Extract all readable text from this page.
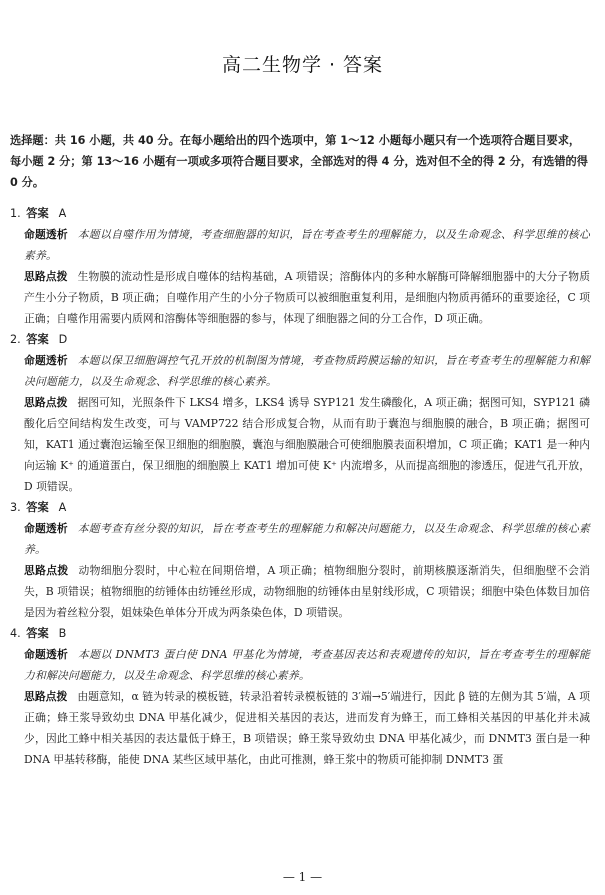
高二生物学 · 答案
选择题：共 16 小题，共 40 分。在每小题给出的四个选项中，第 1～12 小题每小题只有一个选项符合题目要求，每小题 2 分；第 13～16 小题有一项或多项符合题目要求，全部选对的得 4 分，选对但不全的得 2 分，有选错的得 0 分。
1. 答案 A
命题透析 本题以自噬作用为情境，考查细胞器的知识，旨在考查考生的理解能力，以及生命观念、科学思维的核心素养。
思路点拨 生物膜的流动性是形成自噬体的结构基础，A 项错误；溶酶体内的多种水解酶可降解细胞器中的大分子物质产生小分子物质，B 项正确；自噬作用产生的小分子物质可以被细胞重复利用，是细胞内物质再循环的重要途径，C 项正确；自噬作用需要内质网和溶酶体等细胞器的参与，体现了细胞器之间的分工合作，D 项正确。
2. 答案 D
命题透析 本题以保卫细胞调控气孔开放的机制图为情境，考查物质跨膜运输的知识，旨在考查考生的理解能力和解决问题能力，以及生命观念、科学思维的核心素养。
思路点拨 据图可知，光照条件下 LKS4 增多，LKS4 诱导 SYP121 发生磷酸化，A 项正确；据图可知，SYP121 磷酸化后空间结构发生改变，可与 VAMP722 结合形成复合物，从而有助于囊泡与细胞膜的融合，B 项正确；据图可知，KAT1 通过囊泡运输至保卫细胞的细胞膜，囊泡与细胞膜融合可使细胞膜表面积增加，C 项正确；KAT1 是一种内向运输 K⁺ 的通道蛋白，保卫细胞的细胞膜上 KAT1 增加可使 K⁺ 内流增多，从而提高细胞的渗透压，促进气孔开放，D 项错误。
3. 答案 A
命题透析 本题考查有丝分裂的知识，旨在考查考生的理解能力和解决问题能力，以及生命观念、科学思维的核心素养。
思路点拨 动物细胞分裂时，中心粒在间期倍增，A 项正确；植物细胞分裂时，前期核膜逐渐消失，但细胞壁不会消失，B 项错误；植物细胞的纺锤体由纺锤丝形成，动物细胞的纺锤体由星射线形成，C 项错误；细胞中染色体数目加倍是因为着丝粒分裂，姐妹染色单体分开成为两条染色体，D 项错误。
4. 答案 B
命题透析 本题以 DNMT3 蛋白使 DNA 甲基化为情境，考查基因表达和表观遗传的知识，旨在考查考生的理解能力和解决问题能力，以及生命观念、科学思维的核心素养。
思路点拨 由题意知，α 链为转录的模板链，转录沿着转录模板链的 3′端→5′端进行，因此 β 链的左侧为其 5′端，A 项正确；蜂王浆导致幼虫 DNA 甲基化减少，促进相关基因的表达，进而发育为蜂王，而工蜂相关基因的甲基化并未减少，因此工蜂中相关基因的表达量低于蜂王，B 项错误；蜂王浆导致幼虫 DNA 甲基化减少，而 DNMT3 蛋白是一种 DNA 甲基转移酶，能使 DNA 某些区域甲基化，由此可推测，蜂王浆中的物质可能抑制 DNMT3 蛋
— 1 —
